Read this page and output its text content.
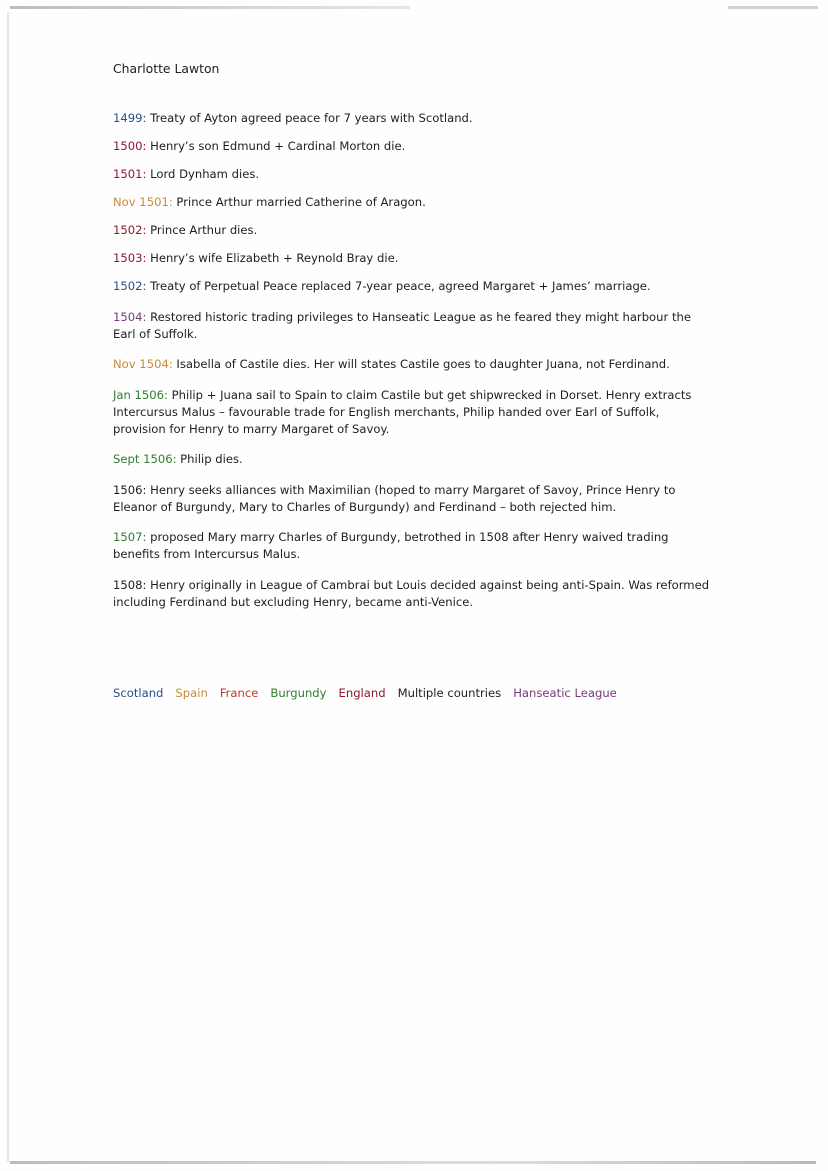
Charlotte Lawton
1499: Treaty of Ayton agreed peace for 7 years with Scotland.
1500: Henry’s son Edmund + Cardinal Morton die.
1501: Lord Dynham dies.
Nov 1501: Prince Arthur married Catherine of Aragon.
1502: Prince Arthur dies.
1503: Henry’s wife Elizabeth + Reynold Bray die.
1502: Treaty of Perpetual Peace replaced 7-year peace, agreed Margaret + James’ marriage.
1504: Restored historic trading privileges to Hanseatic League as he feared they might harbour the Earl of Suffolk.
Nov 1504: Isabella of Castile dies. Her will states Castile goes to daughter Juana, not Ferdinand.
Jan 1506: Philip + Juana sail to Spain to claim Castile but get shipwrecked in Dorset. Henry extracts Intercursus Malus – favourable trade for English merchants, Philip handed over Earl of Suffolk, provision for Henry to marry Margaret of Savoy.
Sept 1506: Philip dies.
1506: Henry seeks alliances with Maximilian (hoped to marry Margaret of Savoy, Prince Henry to Eleanor of Burgundy, Mary to Charles of Burgundy) and Ferdinand – both rejected him.
1507: proposed Mary marry Charles of Burgundy, betrothed in 1508 after Henry waived trading benefits from Intercursus Malus.
1508: Henry originally in League of Cambrai but Louis decided against being anti-Spain. Was reformed including Ferdinand but excluding Henry, became anti-Venice.
Scotland Spain France Burgundy England Multiple countries Hanseatic League
